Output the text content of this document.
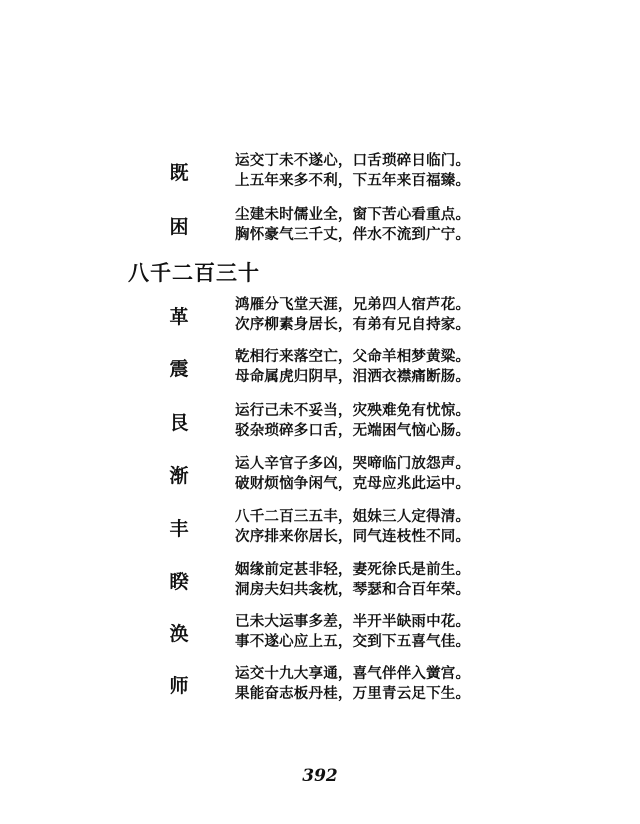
既
运交丁未不遂心，口舌琐碎日临门。
上五年来多不利，下五年来百福臻。
困
尘建未时儒业全，窗下苦心看重点。
胸怀豪气三千丈，伴水不流到广宁。
八千二百三十
革
鸿雁分飞堂天涯，兄弟四人宿芦花。
次序柳素身居长，有弟有兄自持家。
震
乾相行来落空亡，父命羊相梦黄粱。
母命属虎归阴早，泪洒衣襟痛断肠。
艮
运行己未不妥当，灾殃难免有忧惊。
驳杂琐碎多口舌，无端困气恼心肠。
渐
运人辛官子多凶，哭啼临门放怨声。
破财烦恼争闲气，克母应兆此运中。
丰
八千二百三五丰，姐妹三人定得清。
次序排来你居长，同气连枝性不同。
睽
姻缘前定甚非轻，妻死徐氏是前生。
洞房夫妇共衾枕，琴瑟和合百年荣。
涣
已未大运事多差，半开半缺雨中花。
事不遂心应上五，交到下五喜气佳。
师
运交十九大享通，喜气伴伴入黉宫。
果能奋志板丹桂，万里青云足下生。
392
